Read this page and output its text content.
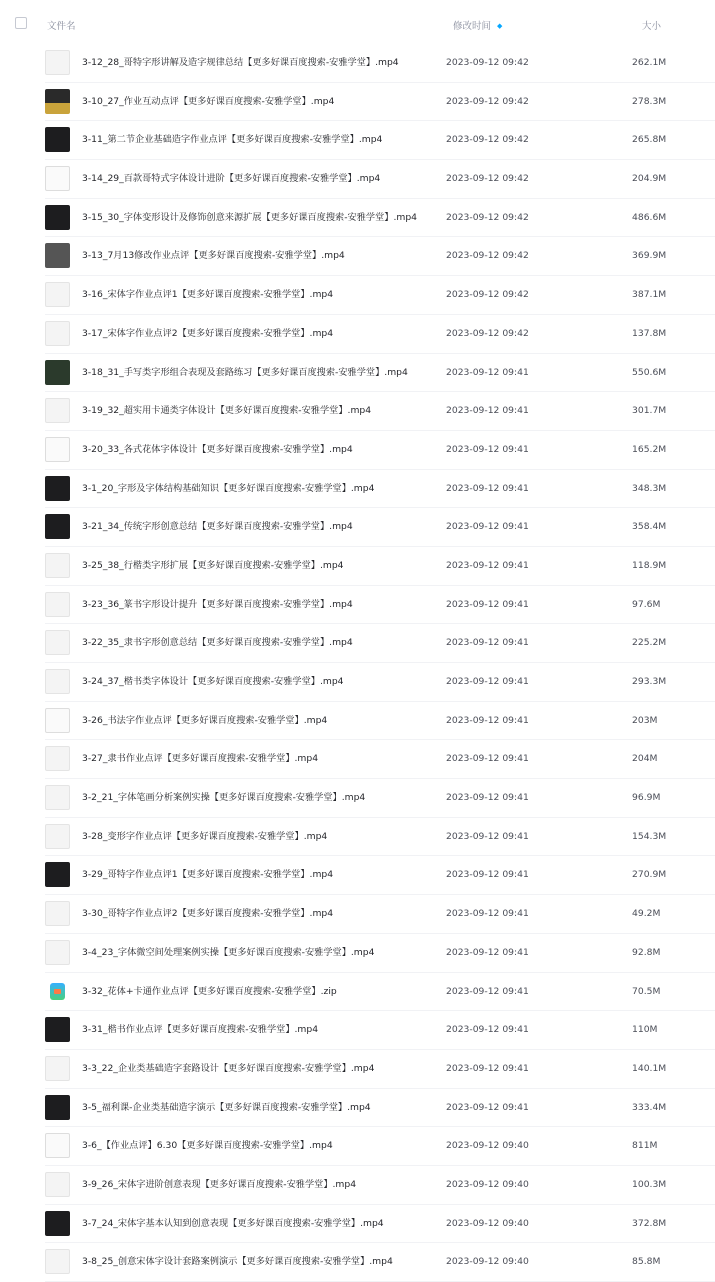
文件名	修改时间 ◆	大小
3-12_28_哥特字形讲解及造字规律总结【更多好课百度搜索-安雅学堂】.mp4	2023-09-12 09:42	262.1M
3-10_27_作业互动点评【更多好课百度搜索-安雅学堂】.mp4	2023-09-12 09:42	278.3M
3-11_第二节企业基础造字作业点评【更多好课百度搜索-安雅学堂】.mp4	2023-09-12 09:42	265.8M
3-14_29_百款哥特式字体设计进阶【更多好课百度搜索-安雅学堂】.mp4	2023-09-12 09:42	204.9M
3-15_30_字体变形设计及修饰创意来源扩展【更多好课百度搜索-安雅学堂】.mp4	2023-09-12 09:42	486.6M
3-13_7月13修改作业点评【更多好课百度搜索-安雅学堂】.mp4	2023-09-12 09:42	369.9M
3-16_宋体字作业点评1【更多好课百度搜索-安雅学堂】.mp4	2023-09-12 09:42	387.1M
3-17_宋体字作业点评2【更多好课百度搜索-安雅学堂】.mp4	2023-09-12 09:42	137.8M
3-18_31_手写类字形组合表现及套路练习【更多好课百度搜索-安雅学堂】.mp4	2023-09-12 09:41	550.6M
3-19_32_超实用卡通类字体设计【更多好课百度搜索-安雅学堂】.mp4	2023-09-12 09:41	301.7M
3-20_33_各式花体字体设计【更多好课百度搜索-安雅学堂】.mp4	2023-09-12 09:41	165.2M
3-1_20_字形及字体结构基础知识【更多好课百度搜索-安雅学堂】.mp4	2023-09-12 09:41	348.3M
3-21_34_传统字形创意总结【更多好课百度搜索-安雅学堂】.mp4	2023-09-12 09:41	358.4M
3-25_38_行楷类字形扩展【更多好课百度搜索-安雅学堂】.mp4	2023-09-12 09:41	118.9M
3-23_36_篆书字形设计提升【更多好课百度搜索-安雅学堂】.mp4	2023-09-12 09:41	97.6M
3-22_35_隶书字形创意总结【更多好课百度搜索-安雅学堂】.mp4	2023-09-12 09:41	225.2M
3-24_37_楷书类字体设计【更多好课百度搜索-安雅学堂】.mp4	2023-09-12 09:41	293.3M
3-26_书法字作业点评【更多好课百度搜索-安雅学堂】.mp4	2023-09-12 09:41	203M
3-27_隶书作业点评【更多好课百度搜索-安雅学堂】.mp4	2023-09-12 09:41	204M
3-2_21_字体笔画分析案例实操【更多好课百度搜索-安雅学堂】.mp4	2023-09-12 09:41	96.9M
3-28_变形字作业点评【更多好课百度搜索-安雅学堂】.mp4	2023-09-12 09:41	154.3M
3-29_哥特字作业点评1【更多好课百度搜索-安雅学堂】.mp4	2023-09-12 09:41	270.9M
3-30_哥特字作业点评2【更多好课百度搜索-安雅学堂】.mp4	2023-09-12 09:41	49.2M
3-4_23_字体微空间处理案例实操【更多好课百度搜索-安雅学堂】.mp4	2023-09-12 09:41	92.8M
3-32_花体+卡通作业点评【更多好课百度搜索-安雅学堂】.zip	2023-09-12 09:41	70.5M
3-31_楷书作业点评【更多好课百度搜索-安雅学堂】.mp4	2023-09-12 09:41	110M
3-3_22_企业类基础造字套路设计【更多好课百度搜索-安雅学堂】.mp4	2023-09-12 09:41	140.1M
3-5_福利课-企业类基础造字演示【更多好课百度搜索-安雅学堂】.mp4	2023-09-12 09:41	333.4M
3-6_【作业点评】6.30【更多好课百度搜索-安雅学堂】.mp4	2023-09-12 09:40	811M
3-9_26_宋体字进阶创意表现【更多好课百度搜索-安雅学堂】.mp4	2023-09-12 09:40	100.3M
3-7_24_宋体字基本认知到创意表现【更多好课百度搜索-安雅学堂】.mp4	2023-09-12 09:40	372.8M
3-8_25_创意宋体字设计套路案例演示【更多好课百度搜索-安雅学堂】.mp4	2023-09-12 09:40	85.8M
